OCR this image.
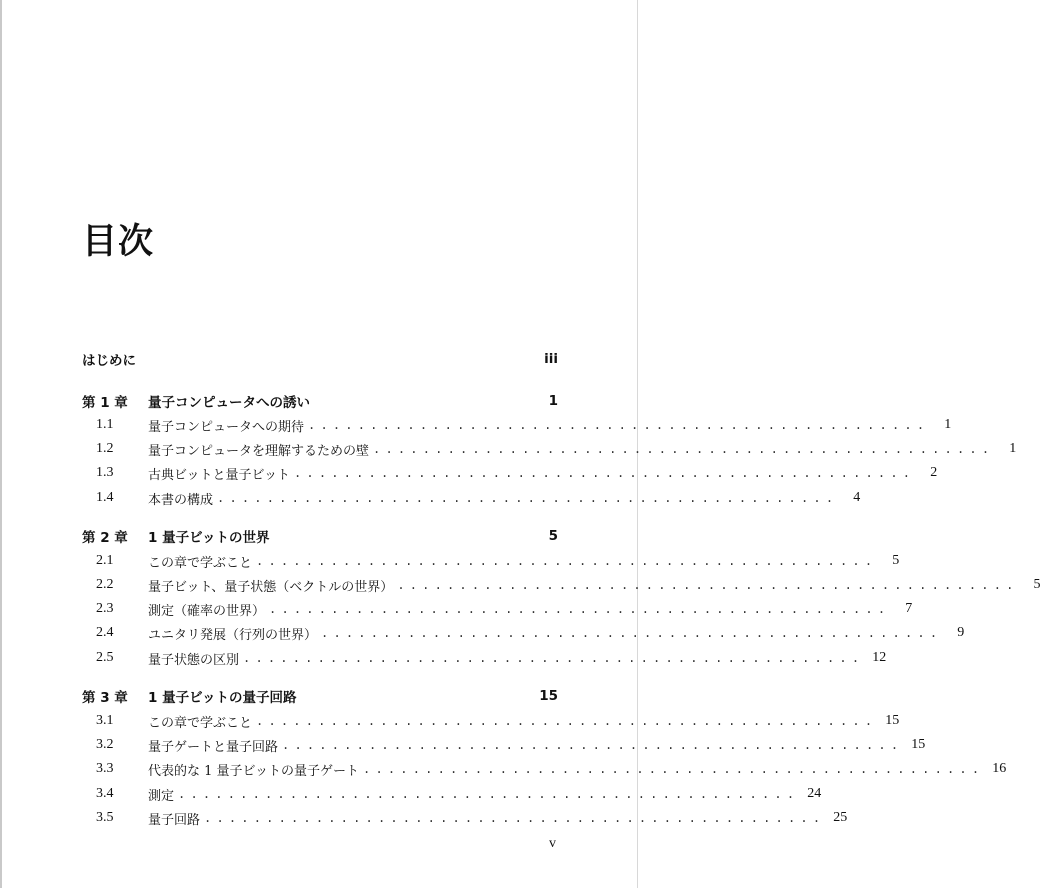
目次
はじめに	iii
第 1 章	量子コンピュータへの誘い	1
1.1	量子コンピュータへの期待 ..................................................	1
1.2	量子コンピュータを理解するための壁 ..................................................	1
1.3	古典ビットと量子ビット ..................................................	2
1.4	本書の構成 ..................................................	4
第 2 章	1 量子ビットの世界	5
2.1	この章で学ぶこと ..................................................	5
2.2	量子ビット、量子状態（ベクトルの世界） ..................................................	5
2.3	測定（確率の世界） ..................................................	7
2.4	ユニタリ発展（行列の世界） ..................................................	9
2.5	量子状態の区別 .................................................. 12
第 3 章	1 量子ビットの量子回路	15
3.1	この章で学ぶこと .................................................. 15
3.2	量子ゲートと量子回路 .................................................. 15
3.3	代表的な 1 量子ビットの量子ゲート .................................................. 16
3.4	測定 .................................................. 24
3.5	量子回路 .................................................. 25
v
